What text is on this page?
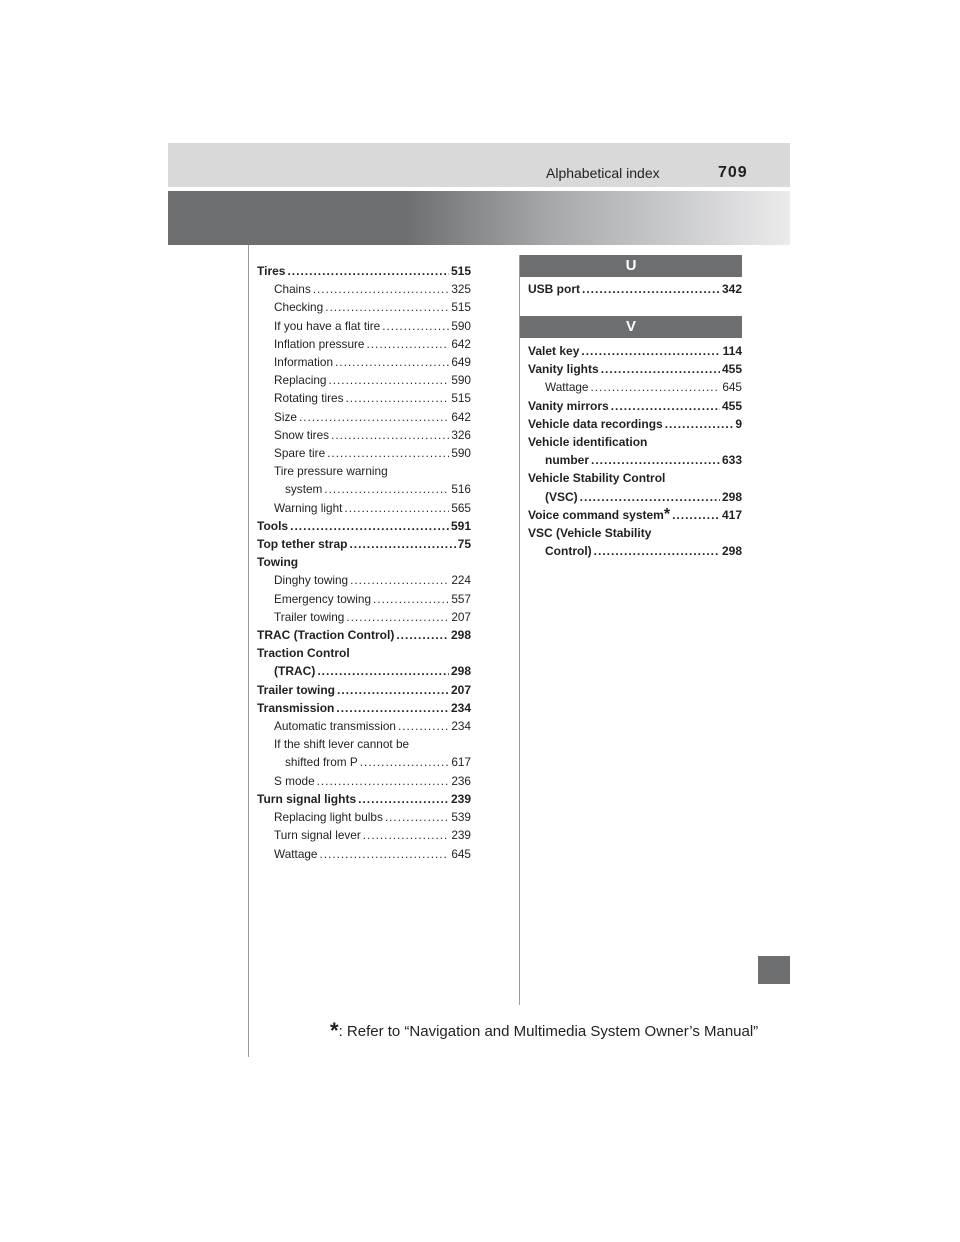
Alphabetical index	709
Tires .....	515
Chains .....	325
Checking .....	515
If you have a flat tire .....	590
Inflation pressure .....	642
Information .....	649
Replacing .....	590
Rotating tires .....	515
Size .....	642
Snow tires .....	326
Spare tire .....	590
Tire pressure warning
system .....	516
Warning light .....	565
Tools .....	591
Top tether strap .....	75
Towing
Dinghy towing .....	224
Emergency towing .....	557
Trailer towing .....	207
TRAC (Traction Control) .....	298
Traction Control
(TRAC) .....	298
Trailer towing .....	207
Transmission .....	234
Automatic transmission .....	234
If the shift lever cannot be
shifted from P .....	617
S mode .....	236
Turn signal lights .....	239
Replacing light bulbs .....	539
Turn signal lever .....	239
Wattage .....	645
U
USB port .....	342
V
Valet key .....	114
Vanity lights .....	455
Wattage .....	645
Vanity mirrors .....	455
Vehicle data recordings .....	9
Vehicle identification
number .....	633
Vehicle Stability Control
(VSC) .....	298
Voice command system * .....	417
VSC (Vehicle Stability
Control) .....	298
*: Refer to “Navigation and Multimedia System Owner’s Manual”
